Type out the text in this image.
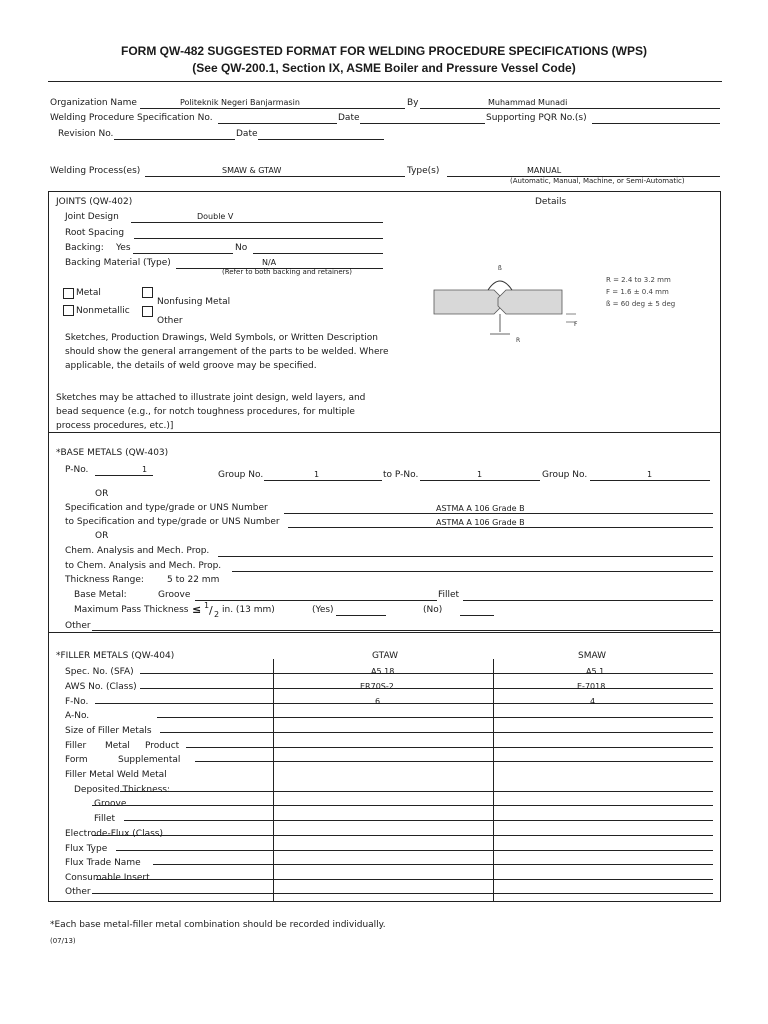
FORM QW-482 SUGGESTED FORMAT FOR WELDING PROCEDURE SPECIFICATIONS (WPS)
(See QW-200.1, Section IX, ASME Boiler and Pressure Vessel Code)
Organization Name	Politeknik Negeri Banjarmasin	By	Muhammad Munadi
Welding Procedure Specification No.	Date	Supporting PQR No.(s)
Revision No.	Date
Welding Process(es)	SMAW & GTAW	Type(s)	MANUAL
(Automatic, Manual, Machine, or Semi-Automatic)
JOINTS (QW-402)	Details
Joint Design	Double V
Root Spacing
Backing: Yes	No
Backing Material (Type)	N/A
(Refer to both backing and retainers)
Metal
Nonfusing Metal
Nonmetallic
Other
Sketches, Production Drawings, Weld Symbols, or Written Description
should show the general arrangement of the parts to be welded. Where
applicable, the details of weld groove may be specified.
Sketches may be attached to illustrate joint design, weld layers, and
bead sequence (e.g., for notch toughness procedures, for multiple
process procedures, etc.)]
ß
R
F
R = 2.4 to 3.2 mm
F = 1.6 ± 0.4 mm
ß = 60 deg ± 5 deg
*BASE METALS (QW-403)
P-No.	1
Group No.	1	to P-No.	1	Group No.	1
OR
Specification and type/grade or UNS Number	ASTMA A 106 Grade B
to Specification and type/grade or UNS Number	ASTMA A 106 Grade B
OR
Chem. Analysis and Mech. Prop.
to Chem. Analysis and Mech. Prop.
Thickness Range:	5 to 22 mm
Base Metal:	Groove	Fillet
Maximum Pass Thickness ≤ 1 / 2 in. (13 mm)	(Yes)	(No)
Other
*FILLER METALS (QW-404)	GTAW	SMAW
Spec. No. (SFA)	A5.18	A5.1
AWS No. (Class)	ER70S-2	E-7018
F-No.	6	4
A-No.
Size of Filler Metals
Filler Metal Product
Form	Supplemental
Filler Metal Weld Metal
Deposited Thickness:
Groove
Fillet
Electrode-Flux (Class)
Flux Type
Flux Trade Name
Consumable Insert
Other
*Each base metal-filler metal combination should be recorded individually.
(07/13)
